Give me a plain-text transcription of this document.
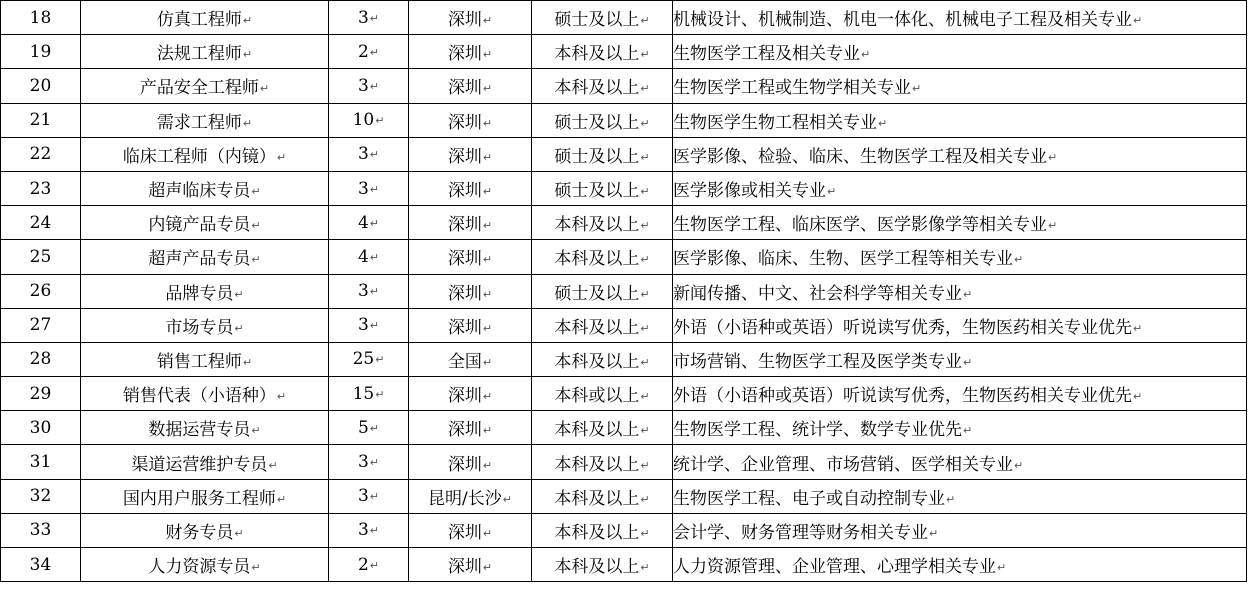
18	仿真工程师↵	3↵	深圳↵	硕士及以上↵	机械设计、机械制造、机电一体化、机械电子工程及相关专业↵
19	法规工程师↵	2↵	深圳↵	本科及以上↵	生物医学工程及相关专业↵
20	产品安全工程师↵	3↵	深圳↵	本科及以上↵	生物医学工程或生物学相关专业↵
21	需求工程师↵	10↵	深圳↵	硕士及以上↵	生物医学生物工程相关专业↵
22	临床工程师（内镜）↵	3↵	深圳↵	硕士及以上↵	医学影像、检验、临床、生物医学工程及相关专业↵
23	超声临床专员↵	3↵	深圳↵	硕士及以上↵	医学影像或相关专业↵
24	内镜产品专员↵	4↵	深圳↵	本科及以上↵	生物医学工程、临床医学、医学影像学等相关专业↵
25	超声产品专员↵	4↵	深圳↵	本科及以上↵	医学影像、临床、生物、医学工程等相关专业↵
26	品牌专员↵	3↵	深圳↵	硕士及以上↵	新闻传播、中文、社会科学等相关专业↵
27	市场专员↵	3↵	深圳↵	本科及以上↵	外语（小语种或英语）听说读写优秀，生物医药相关专业优先↵
28	销售工程师↵	25↵	全国↵	本科及以上↵	市场营销、生物医学工程及医学类专业↵
29	销售代表（小语种）↵	15↵	深圳↵	本科或以上↵	外语（小语种或英语）听说读写优秀，生物医药相关专业优先↵
30	数据运营专员↵	5↵	深圳↵	本科及以上↵	生物医学工程、统计学、数学专业优先↵
31	渠道运营维护专员↵	3↵	深圳↵	本科及以上↵	统计学、企业管理、市场营销、医学相关专业↵
32	国内用户服务工程师↵	3↵	昆明/长沙↵	本科及以上↵	生物医学工程、电子或自动控制专业↵
33	财务专员↵	3↵	深圳↵	本科及以上↵	会计学、财务管理等财务相关专业↵
34	人力资源专员↵	2↵	深圳↵	本科及以上↵	人力资源管理、企业管理、心理学相关专业↵
